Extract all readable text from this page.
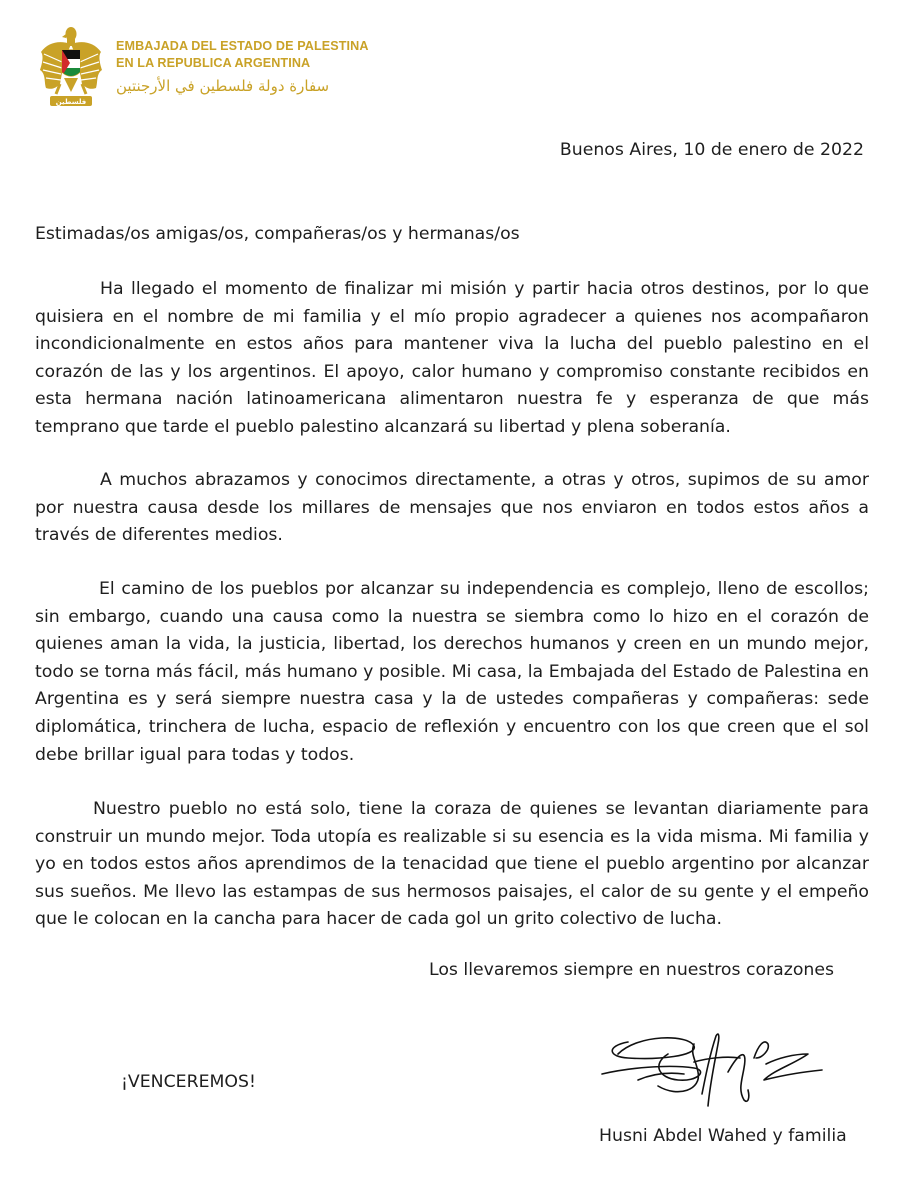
فلسطين
EMBAJADA DEL ESTADO DE PALESTINA
EN LA REPUBLICA ARGENTINA
سفارة دولة فلسطين في الأرجنتين
Buenos Aires, 10 de enero de 2022
Estimadas/os amigas/os, compañeras/os y hermanas/os

Ha llegado el momento de finalizar mi misión y partir hacia otros destinos, por lo que quisiera en el nombre de mi familia y el mío propio agradecer a quienes nos acompañaron incondicionalmente en estos años para mantener viva la lucha del pueblo palestino en el corazón de las y los argentinos. El apoyo, calor humano y compromiso constante recibidos en esta hermana nación latinoamericana alimentaron nuestra fe y esperanza de que más temprano que tarde el pueblo palestino alcanzará su libertad y plena soberanía.

A muchos abrazamos y conocimos directamente, a otras y otros, supimos de su amor por nuestra causa desde los millares de mensajes que nos enviaron en todos estos años a través de diferentes medios.

El camino de los pueblos por alcanzar su independencia es complejo, lleno de escollos; sin embargo, cuando una causa como la nuestra se siembra como lo hizo en el corazón de quienes aman la vida, la justicia, libertad, los derechos humanos y creen en un mundo mejor, todo se torna más fácil, más humano y posible. Mi casa, la Embajada del Estado de Palestina en Argentina es y será siempre nuestra casa y la de ustedes compañeras y compañeras: sede diplomática, trinchera de lucha, espacio de reflexión y encuentro con los que creen que el sol debe brillar igual para todas y todos.

Nuestro pueblo no está solo, tiene la coraza de quienes se levantan diariamente para construir un mundo mejor. Toda utopía es realizable si su esencia es la vida misma. Mi familia y yo en todos estos años aprendimos de la tenacidad que tiene el pueblo argentino por alcanzar sus sueños. Me llevo las estampas de sus hermosos paisajes, el calor de su gente y el empeño que le colocan en la cancha para hacer de cada gol un grito colectivo de lucha.

Los llevaremos siempre en nuestros corazones
¡VENCEREMOS!
Husni Abdel Wahed y familia
